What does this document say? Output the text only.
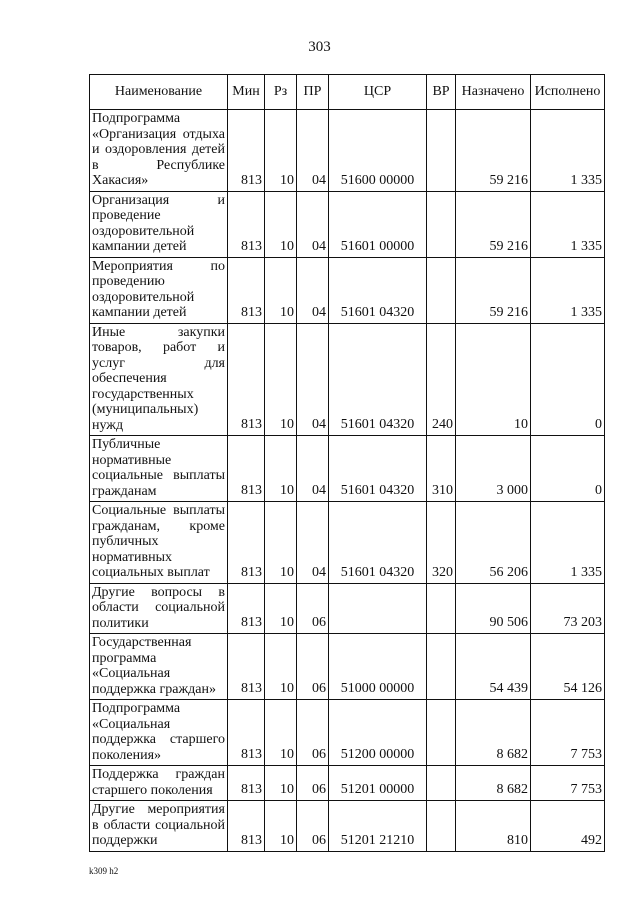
303
Наименование	Мин	Рз	ПР	ЦСР	ВР	Назначено	Исполнено
Подпрограмма «Организация отдыха и оздоровления детей в Республике Хакасия»	813	10	04	51600 00000		59 216	1 335
Организация и проведение оздоровительной кампании детей	813	10	04	51601 00000		59 216	1 335
Мероприятия по проведению оздоровительной кампании детей	813	10	04	51601 04320		59 216	1 335
Иные закупки товаров, работ и услуг для обеспечения государственных (муниципальных) нужд	813	10	04	51601 04320	240	10	0
Публичные нормативные социальные выплаты гражданам	813	10	04	51601 04320	310	3 000	0
Социальные выплаты гражданам, кроме публичных нормативных социальных выплат	813	10	04	51601 04320	320	56 206	1 335
Другие вопросы в области социальной политики	813	10	06			90 506	73 203
Государственная программа «Социальная поддержка граждан»	813	10	06	51000 00000		54 439	54 126
Подпрограмма «Социальная поддержка старшего поколения»	813	10	06	51200 00000		8 682	7 753
Поддержка граждан старшего поколения	813	10	06	51201 00000		8 682	7 753
Другие мероприятия в области социальной поддержки	813	10	06	51201 21210		810	492
k309 h2
